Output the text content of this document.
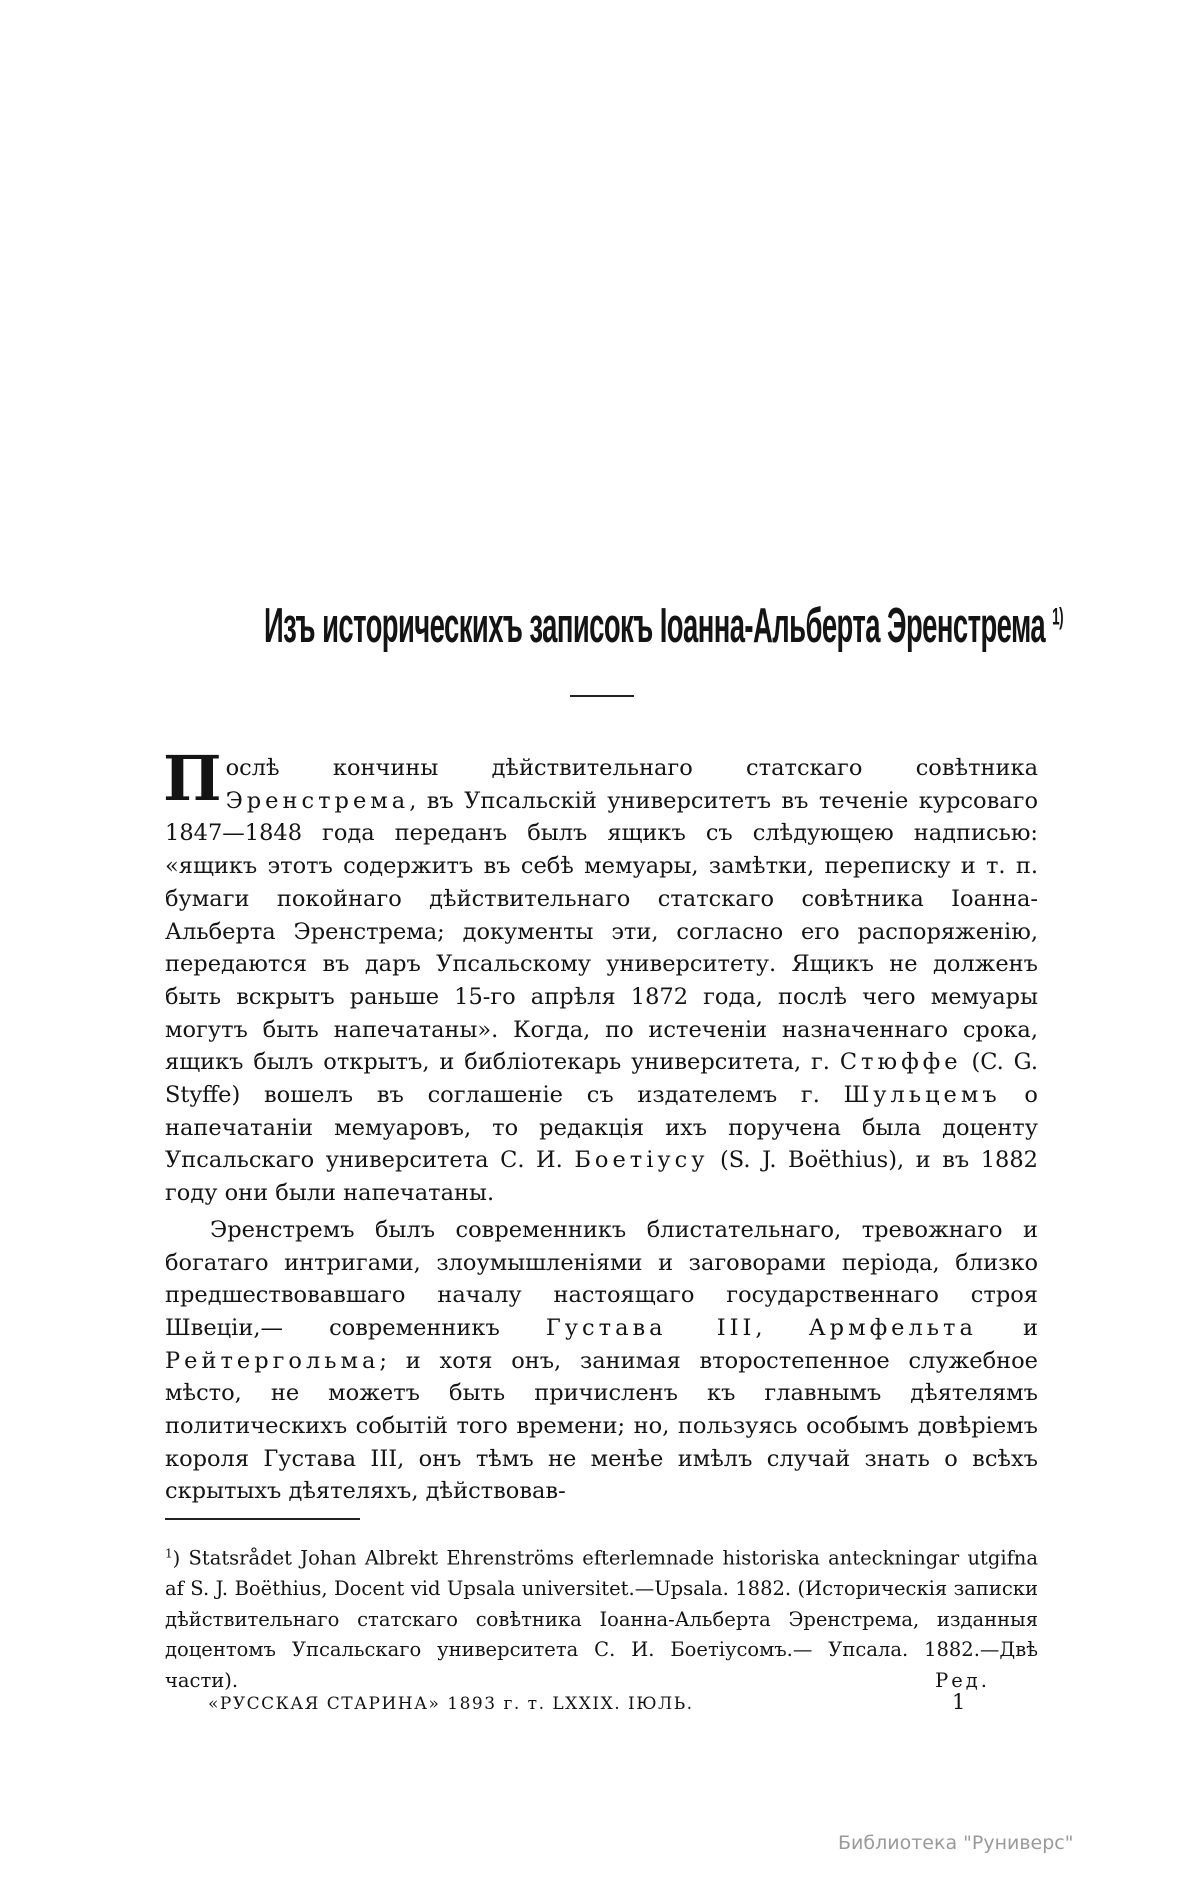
Изъ историческихъ записокъ Іоанна-Альберта Эренстрема $^{1)}$

Послѣ кончины дѣйствительнаго статскаго совѣтника Эренстрема, въ Упсальскій университетъ въ теченіе курсоваго 1847—1848 года переданъ былъ ящикъ съ слѣдующею надписью: «ящикъ этотъ содержитъ въ себѣ мемуары, замѣтки, переписку и т. п. бумаги покойнаго дѣйствительнаго статскаго совѣтника Іоанна-Альберта Эренстрема; документы эти, согласно его распоряженію, передаются въ даръ Упсальскому университету. Ящикъ не долженъ быть вскрытъ раньше 15-го апрѣля 1872 года, послѣ чего мемуары могутъ быть напечатаны». Когда, по истеченіи назначеннаго срока, ящикъ былъ открытъ, и библіотекарь университета, г. Стюффе (C. G. Styffe) вошелъ въ соглашеніе съ издателемъ г. Шульцемъ о напечатаніи мемуаровъ, то редакція ихъ поручена была доценту Упсальскаго университета С. И. Боетіусу (S. J. Boëthius), и въ 1882 году они были напечатаны.

Эренстремъ былъ современникъ блистательнаго, тревожнаго и богатаго интригами, злоумышленіями и заговорами періода, близко предшествовавшаго началу настоящаго государственнаго строя Швеціи,— современникъ Густава III, Армфельта и Рейтергольма; и хотя онъ, занимая второстепенное служебное мѣсто, не можетъ быть причисленъ къ главнымъ дѣятелямъ политическихъ событій того времени; но, пользуясь особымъ довѣріемъ короля Густава III, онъ тѣмъ не менѣе имѣлъ случай знать о всѣхъ скрытыхъ дѣятеляхъ, дѣйствовав-

$^1$) Statsrådet Johan Albrekt Ehrenströms efterlemnade historiska anteckningar utgifna af S. J. Boëthius, Docent vid Upsala universitet.—Upsala. 1882. (Историческія записки дѣйствительнаго статскаго совѣтника Іоанна-Альберта Эренстрема, изданныя доцентомъ Упсальскаго университета С. И. Боетіусомъ.— Упсала. 1882.—Двѣ части).	Ред.
«РУССКАЯ СТАРИНА» 1893 г. т. LXXIX. ІЮЛЬ.	1
Библиотека "Руниверс"
